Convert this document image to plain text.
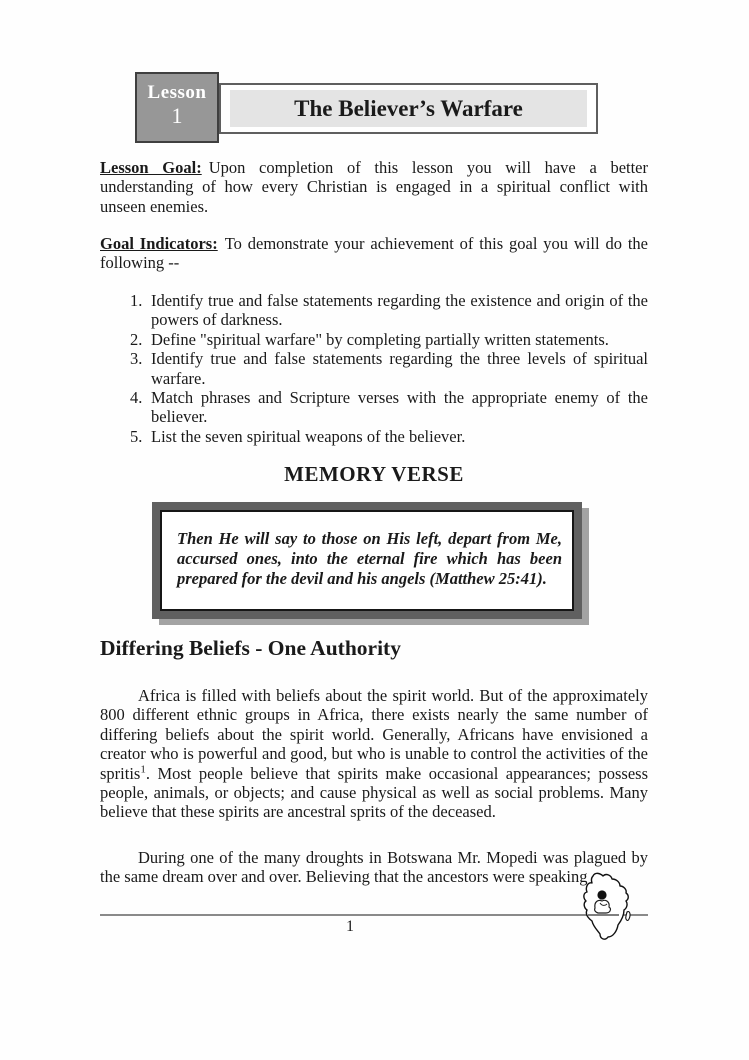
Lesson
1	The Believer’s Warfare

Lesson Goal: Upon completion of this lesson you will have a better understanding of how every Christian is engaged in a spiritual conflict with unseen enemies.

Goal Indicators: To demonstrate your achievement of this goal you will do the following --

1. Identify true and false statements regarding the existence and origin of the powers of darkness.
2. Define "spiritual warfare" by completing partially written statements.
3. Identify true and false statements regarding the three levels of spiritual warfare.
4. Match phrases and Scripture verses with the appropriate enemy of the believer.
5. List the seven spiritual weapons of the believer.
MEMORY VERSE
Then He will say to those on His left, depart from Me, accursed ones, into the eternal fire which has been prepared for the devil and his angels (Matthew 25:41).
Differing Beliefs - One Authority

Africa is filled with beliefs about the spirit world. But of the approximately 800 different ethnic groups in Africa, there exists nearly the same number of differing beliefs about the spirit world. Generally, Africans have envisioned a creator who is powerful and good, but who is unable to control the activities of the spritis$^1$. Most people believe that spirits make occasional appearances; possess people, animals, or objects; and cause physical as well as social problems. Many believe that these spirits are ancestral sprits of the deceased.

During one of the many droughts in Botswana Mr. Mopedi was plagued by the same dream over and over. Believing that the ancestors were speaking

1
